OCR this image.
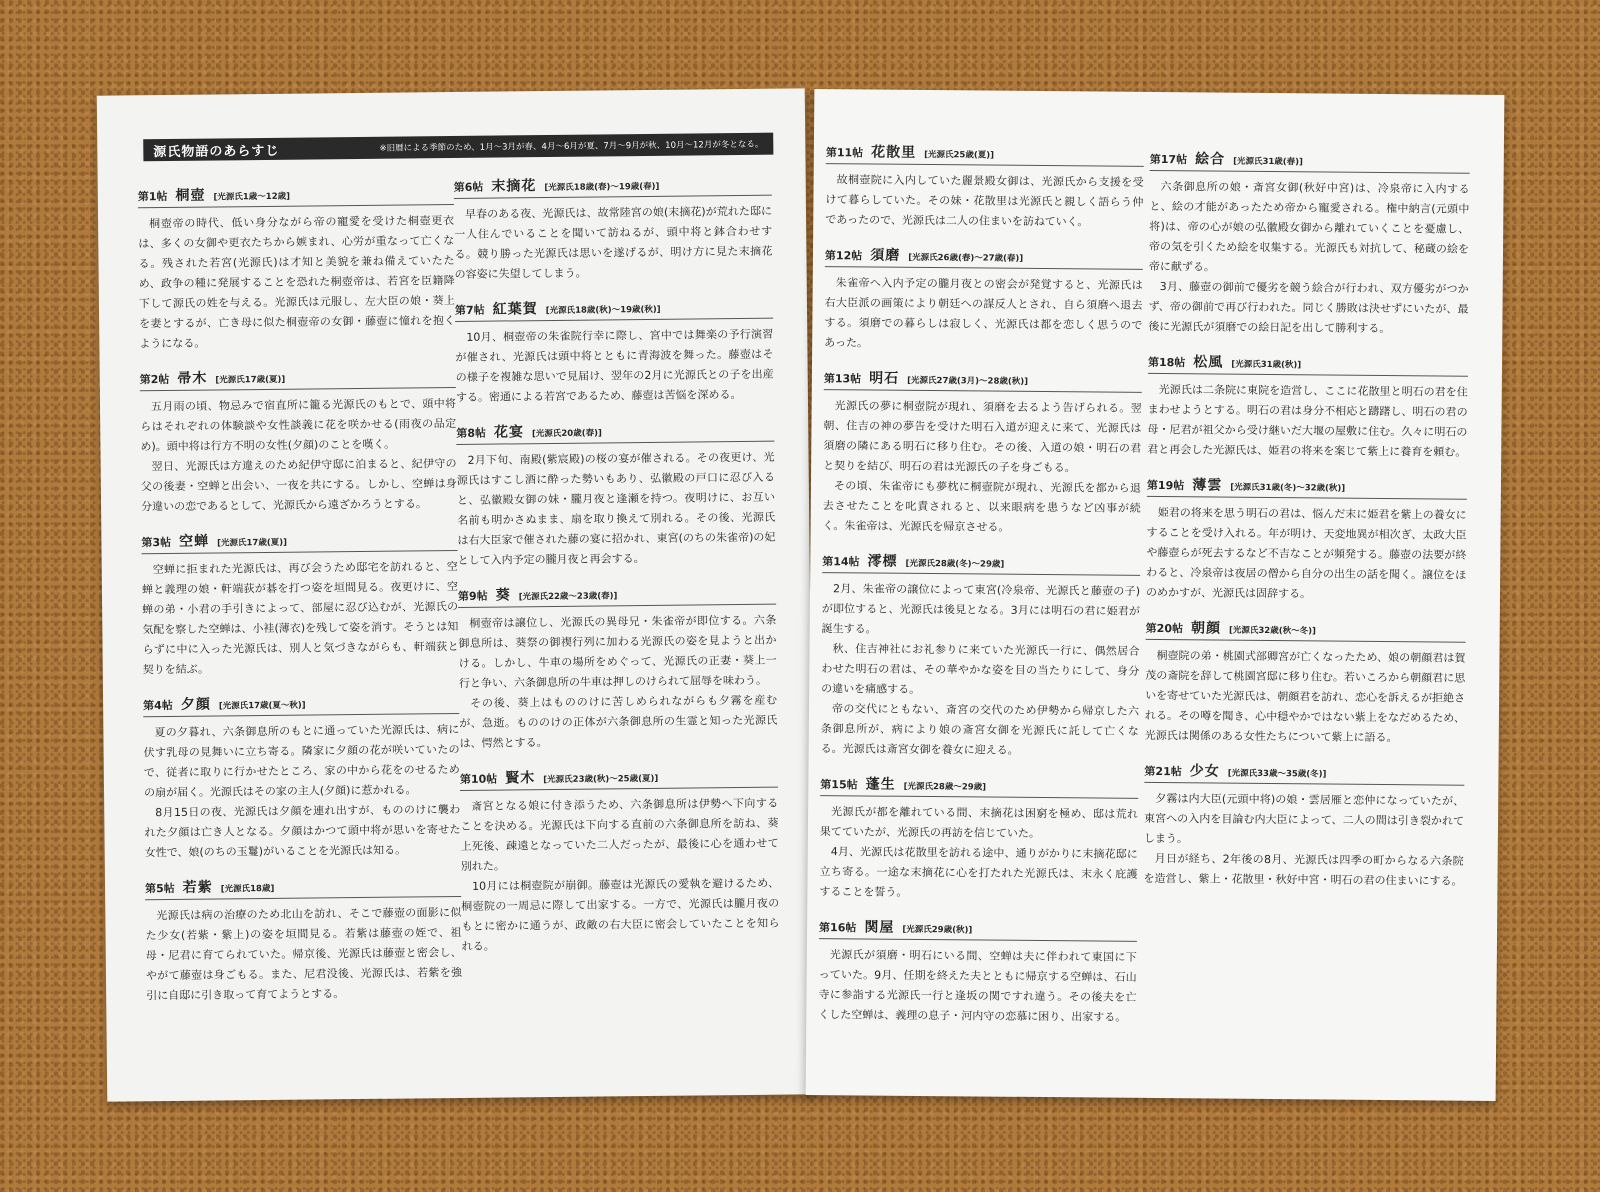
源氏物語のあらすじ	※旧暦による季節のため、1月～3月が春、4月～6月が夏、7月～9月が秋、10月～12月が冬となる。
第1帖 桐壺 [光源氏1歳～12歳]

桐壺帝の時代、低い身分ながら帝の寵愛を受けた桐壺更衣は、多くの女御や更衣たちから嫉まれ、心労が重なって亡くなる。残された若宮(光源氏)は才知と美貌を兼ね備えていたため、政争の種に発展することを恐れた桐壺帝は、若宮を臣籍降下して源氏の姓を与える。光源氏は元服し、左大臣の娘・葵上を妻とするが、亡き母に似た桐壺帝の女御・藤壺に憧れを抱くようになる。

第2帖 帚木 [光源氏17歳(夏)]

五月雨の頃、物忌みで宿直所に籠る光源氏のもとで、頭中将らはそれぞれの体験談や女性談義に花を咲かせる(雨夜の品定め)。頭中将は行方不明の女性(夕顔)のことを嘆く。

翌日、光源氏は方違えのため紀伊守邸に泊まると、紀伊守の父の後妻・空蝉と出会い、一夜を共にする。しかし、空蝉は身分違いの恋であるとして、光源氏から遠ざかろうとする。

第3帖 空蝉 [光源氏17歳(夏)]

空蝉に拒まれた光源氏は、再び会うため邸宅を訪れると、空蝉と義理の娘・軒端荻が碁を打つ姿を垣間見る。夜更けに、空蝉の弟・小君の手引きによって、部屋に忍び込むが、光源氏の気配を察した空蝉は、小袿(薄衣)を残して姿を消す。そうとは知らずに中に入った光源氏は、別人と気づきながらも、軒端荻と契りを結ぶ。

第4帖 夕顔 [光源氏17歳(夏～秋)]

夏の夕暮れ、六条御息所のもとに通っていた光源氏は、病に伏す乳母の見舞いに立ち寄る。隣家に夕顔の花が咲いていたので、従者に取りに行かせたところ、家の中から花をのせるための扇が届く。光源氏はその家の主人(夕顔)に惹かれる。

8月15日の夜、光源氏は夕顔を連れ出すが、もののけに襲われた夕顔は亡き人となる。夕顔はかつて頭中将が思いを寄せた女性で、娘(のちの玉鬘)がいることを光源氏は知る。

第5帖 若紫 [光源氏18歳]

光源氏は病の治療のため北山を訪れ、そこで藤壺の面影に似た少女(若紫・紫上)の姿を垣間見る。若紫は藤壺の姪で、祖母・尼君に育てられていた。帰京後、光源氏は藤壺と密会し、やがて藤壺は身ごもる。また、尼君没後、光源氏は、若紫を強引に自邸に引き取って育てようとする。

第6帖 末摘花 [光源氏18歳(春)～19歳(春)]

早春のある夜、光源氏は、故常陸宮の娘(末摘花)が荒れた邸に一人住んでいることを聞いて訪ねるが、頭中将と鉢合わせする。競り勝った光源氏は思いを遂げるが、明け方に見た末摘花の容姿に失望してしまう。

第7帖 紅葉賀 [光源氏18歳(秋)～19歳(秋)]

10月、桐壺帝の朱雀院行幸に際し、宮中では舞楽の予行演習が催され、光源氏は頭中将とともに青海波を舞った。藤壺はその様子を複雑な思いで見届け、翌年の2月に光源氏との子を出産する。密通による若宮であるため、藤壺は苦悩を深める。

第8帖 花宴 [光源氏20歳(春)]

2月下旬、南殿(紫宸殿)の桜の宴が催される。その夜更け、光源氏はすこし酒に酔った勢いもあり、弘徽殿の戸口に忍び入ると、弘徽殿女御の妹・朧月夜と逢瀬を持つ。夜明けに、お互い名前も明かさぬまま、扇を取り換えて別れる。その後、光源氏は右大臣家で催された藤の宴に招かれ、東宮(のちの朱雀帝)の妃として入内予定の朧月夜と再会する。

第9帖 葵 [光源氏22歳～23歳(春)]

桐壺帝は譲位し、光源氏の異母兄・朱雀帝が即位する。六条御息所は、葵祭の御禊行列に加わる光源氏の姿を見ようと出かける。しかし、牛車の場所をめぐって、光源氏の正妻・葵上一行と争い、六条御息所の牛車は押しのけられて屈辱を味わう。

その後、葵上はもののけに苦しめられながらも夕霧を産むが、急逝。もののけの正体が六条御息所の生霊と知った光源氏は、愕然とする。

第10帖 賢木 [光源氏23歳(秋)～25歳(夏)]

斎宮となる娘に付き添うため、六条御息所は伊勢へ下向することを決める。光源氏は下向する直前の六条御息所を訪ね、葵上死後、疎遠となっていた二人だったが、最後に心を通わせて別れた。

10月には桐壺院が崩御。藤壺は光源氏の愛執を避けるため、桐壺院の一周忌に際して出家する。一方で、光源氏は朧月夜のもとに密かに通うが、政敵の右大臣に密会していたことを知られる。

第11帖 花散里 [光源氏25歳(夏)]

故桐壺院に入内していた麗景殿女御は、光源氏から支援を受けて暮らしていた。その妹・花散里は光源氏と親しく語らう仲であったので、光源氏は二人の住まいを訪ねていく。

第12帖 須磨 [光源氏26歳(春)～27歳(春)]

朱雀帝へ入内予定の朧月夜との密会が発覚すると、光源氏は右大臣派の画策により朝廷への謀反人とされ、自ら須磨へ退去する。須磨での暮らしは寂しく、光源氏は都を恋しく思うのであった。

第13帖 明石 [光源氏27歳(3月)～28歳(秋)]

光源氏の夢に桐壺院が現れ、須磨を去るよう告げられる。翌朝、住吉の神の夢告を受けた明石入道が迎えに来て、光源氏は須磨の隣にある明石に移り住む。その後、入道の娘・明石の君と契りを結び、明石の君は光源氏の子を身ごもる。

その頃、朱雀帝にも夢枕に桐壺院が現れ、光源氏を都から退去させたことを叱責されると、以来眼病を患うなど凶事が続く。朱雀帝は、光源氏を帰京させる。

第14帖 澪標 [光源氏28歳(冬)～29歳]

2月、朱雀帝の譲位によって東宮(冷泉帝、光源氏と藤壺の子)が即位すると、光源氏は後見となる。3月には明石の君に姫君が誕生する。

秋、住吉神社にお礼参りに来ていた光源氏一行に、偶然居合わせた明石の君は、その華やかな姿を目の当たりにして、身分の違いを痛感する。

帝の交代にともない、斎宮の交代のため伊勢から帰京した六条御息所が、病により娘の斎宮女御を光源氏に託して亡くなる。光源氏は斎宮女御を養女に迎える。

第15帖 蓬生 [光源氏28歳～29歳]

光源氏が都を離れている間、末摘花は困窮を極め、邸は荒れ果てていたが、光源氏の再訪を信じていた。

4月、光源氏は花散里を訪れる途中、通りがかりに末摘花邸に立ち寄る。一途な末摘花に心を打たれた光源氏は、末永く庇護することを誓う。

第16帖 関屋 [光源氏29歳(秋)]

光源氏が須磨・明石にいる間、空蝉は夫に伴われて東国に下っていた。9月、任期を終えた夫とともに帰京する空蝉は、石山寺に参詣する光源氏一行と逢坂の関ですれ違う。その後夫を亡くした空蝉は、義理の息子・河内守の恋慕に困り、出家する。

第17帖 絵合 [光源氏31歳(春)]

六条御息所の娘・斎宮女御(秋好中宮)は、冷泉帝に入内すると、絵の才能があったため帝から寵愛される。権中納言(元頭中将)は、帝の心が娘の弘徽殿女御から離れていくことを憂慮し、帝の気を引くため絵を収集する。光源氏も対抗して、秘蔵の絵を帝に献ずる。

3月、藤壺の御前で優劣を競う絵合が行われ、双方優劣がつかず、帝の御前で再び行われた。同じく勝敗は決せずにいたが、最後に光源氏が須磨での絵日記を出して勝利する。

第18帖 松風 [光源氏31歳(秋)]

光源氏は二条院に東院を造営し、ここに花散里と明石の君を住まわせようとする。明石の君は身分不相応と躊躇し、明石の君の母・尼君が祖父から受け継いだ大堰の屋敷に住む。久々に明石の君と再会した光源氏は、姫君の将来を案じて紫上に養育を頼む。

第19帖 薄雲 [光源氏31歳(冬)～32歳(秋)]

姫君の将来を思う明石の君は、悩んだ末に姫君を紫上の養女にすることを受け入れる。年が明け、天変地異が相次ぎ、太政大臣や藤壺らが死去するなど不吉なことが頻発する。藤壺の法要が終わると、冷泉帝は夜居の僧から自分の出生の話を聞く。譲位をほのめかすが、光源氏は固辞する。

第20帖 朝顔 [光源氏32歳(秋～冬)]

桐壺院の弟・桃園式部卿宮が亡くなったため、娘の朝顔君は賀茂の斎院を辞して桃園宮邸に移り住む。若いころから朝顔君に思いを寄せていた光源氏は、朝顔君を訪れ、恋心を訴えるが拒絶される。その噂を聞き、心中穏やかではない紫上をなだめるため、光源氏は関係のある女性たちについて紫上に語る。

第21帖 少女 [光源氏33歳～35歳(冬)]

夕霧は内大臣(元頭中将)の娘・雲居雁と恋仲になっていたが、東宮への入内を目論む内大臣によって、二人の間は引き裂かれてしまう。

月日が経ち、2年後の8月、光源氏は四季の町からなる六条院を造営し、紫上・花散里・秋好中宮・明石の君の住まいにする。
